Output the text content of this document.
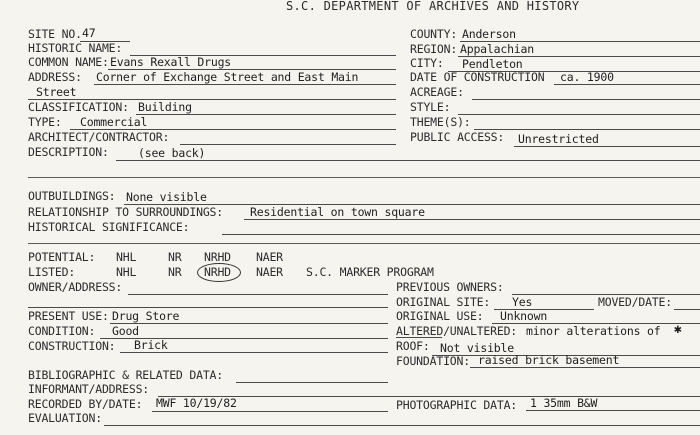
S.C. DEPARTMENT OF ARCHIVES AND HISTORY
SITE NO. 47
HISTORIC NAME:
COMMON NAME: Evans Rexall Drugs
ADDRESS: Corner of Exchange Street and East Main
Street
CLASSIFICATION: Building
TYPE: Commercial
ARCHITECT/CONTRACTOR:
DESCRIPTION:	(see back)
OUTBUILDINGS: None visible
RELATIONSHIP TO SURROUNDINGS: Residential on town square
HISTORICAL SIGNIFICANCE:
POTENTIAL: NHL	NR NRHD NAER
LISTED:	NHL	NR NRHD NAER S.C. MARKER PROGRAM
OWNER/ADDRESS:
PRESENT USE: Drug Store
CONDITION: Good
CONSTRUCTION: Brick
BIBLIOGRAPHIC & RELATED DATA:
INFORMANT/ADDRESS:
RECORDED BY/DATE: MWF 10/19/82
EVALUATION:
COUNTY: Anderson
REGION: Appalachian
CITY: Pendleton
DATE OF CONSTRUCTION ca. 1900
ACREAGE:
STYLE:
THEME(S):
PUBLIC ACCESS: Unrestricted
PREVIOUS OWNERS:
ORIGINAL SITE: Yes	MOVED/DATE:
ORIGINAL USE: Unknown
ALTERED/UNALTERED: minor alterations of ✱
ROOF: Not visible
FOUNDATION: raised brick basement
PHOTOGRAPHIC DATA: 1 35mm B&W
